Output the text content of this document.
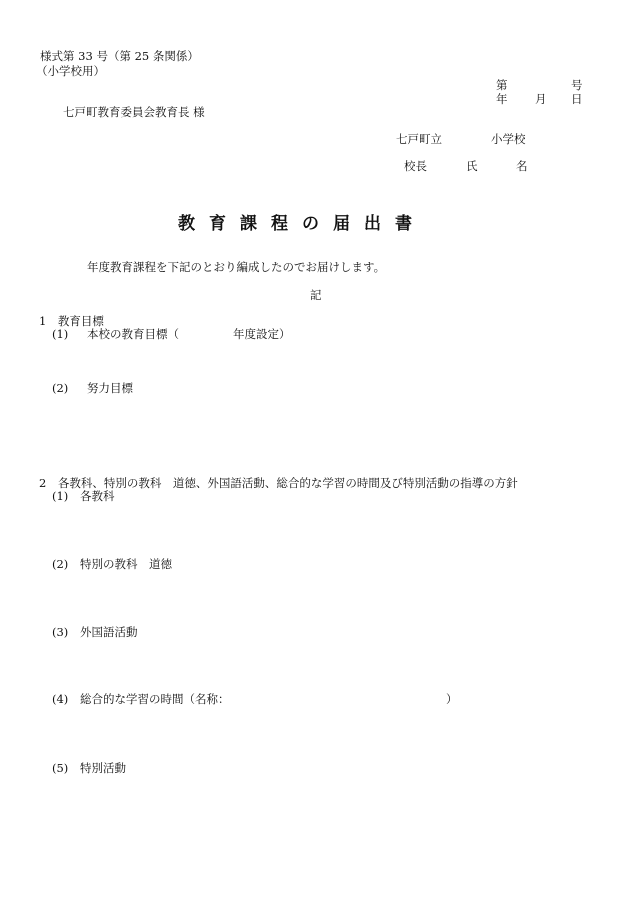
様式第 33 号（第 25 条関係）
（小学校用）
第	号
年 月 日
七戸町教育委員会教育長 様
七戸町立	小学校
校長	氏	名
教育課程の届出書
年度教育課程を下記のとおり編成したのでお届けします。
記
1　教育目標
(1) 本校の教育目標（	年度設定）
(2) 努力目標
2　各教科、特別の教科　道徳、外国語活動、総合的な学習の時間及び特別活動の指導の方針
(1) 各教科
(2) 特別の教科　道徳
(3) 外国語活動
(4) 総合的な学習の時間（名称：	）
(5) 特別活動
